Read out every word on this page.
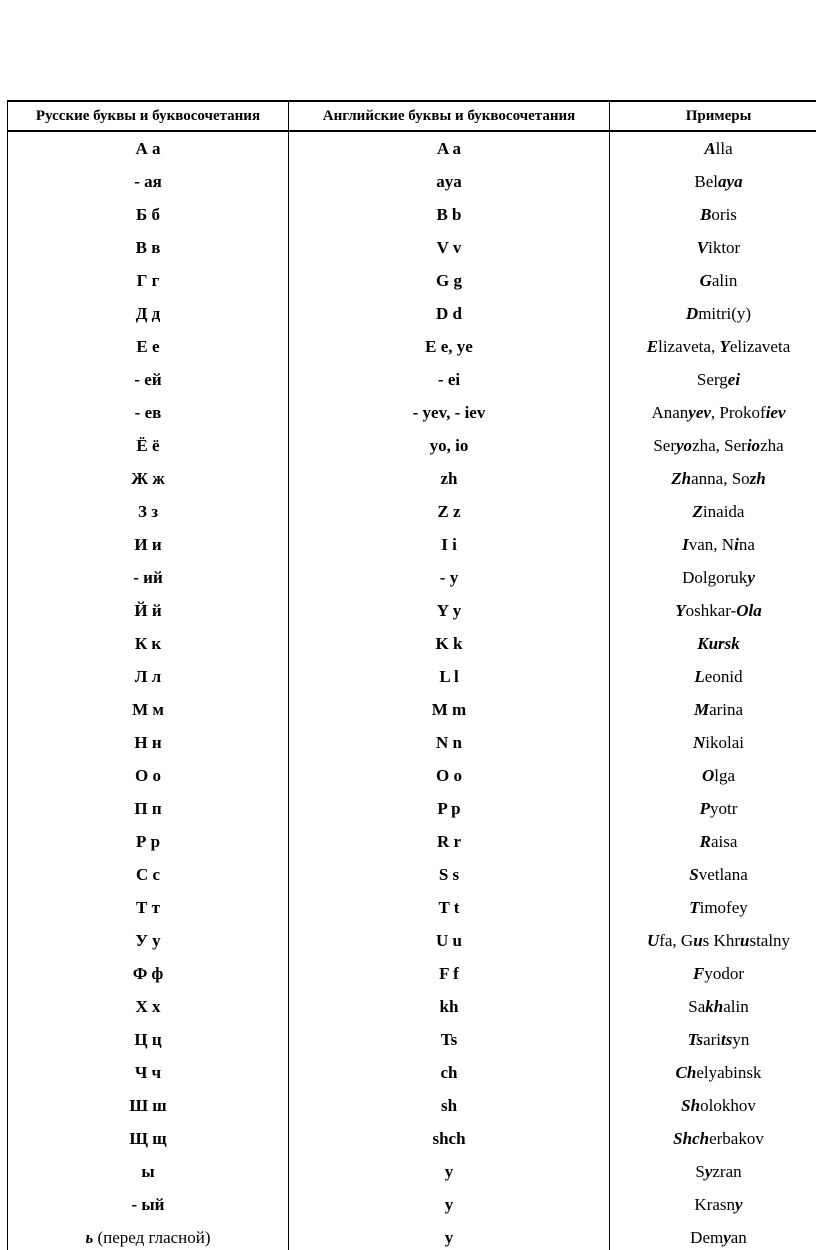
Русские буквы и буквосочетания	Английские буквы и буквосочетания	Примеры
А а	A a	Alla
- ая	aya	Belaya
Б б	B b	Boris
В в	V v	Viktor
Г г	G g	Galin
Д д	D d	Dmitri(y)
Е е	E e, ye	Elizaveta, Yelizaveta
- ей	- ei	Sergei
- ев	- yev, - iev	Ananyev, Prokofiev
Ё ё	yo, io	Seryozha, Seriozha
Ж ж	zh	Zhanna, Sozh
З з	Z z	Zinaida
И и	I i	Ivan, Nina
- ий	- y	Dolgoruky
Й й	Y y	Yoshkar-Ola
К к	K k	Kursk
Л л	L l	Leonid
М м	M m	Marina
Н н	N n	Nikolai
О о	O o	Olga
П п	P p	Pyotr
Р р	R r	Raisa
С с	S s	Svetlana
Т т	T t	Timofey
У у	U u	Ufa, Gus Khrustalny
Ф ф	F f	Fyodor
Х х	kh	Sakhalin
Ц ц	Ts	Tsaritsyn
Ч ч	ch	Chelyabinsk
Ш ш	sh	Sholokhov
Щ щ	shch	Shcherbakov
ы	y	Syzran
- ый	y	Krasny
ь (перед гласной)	y	Demyan
